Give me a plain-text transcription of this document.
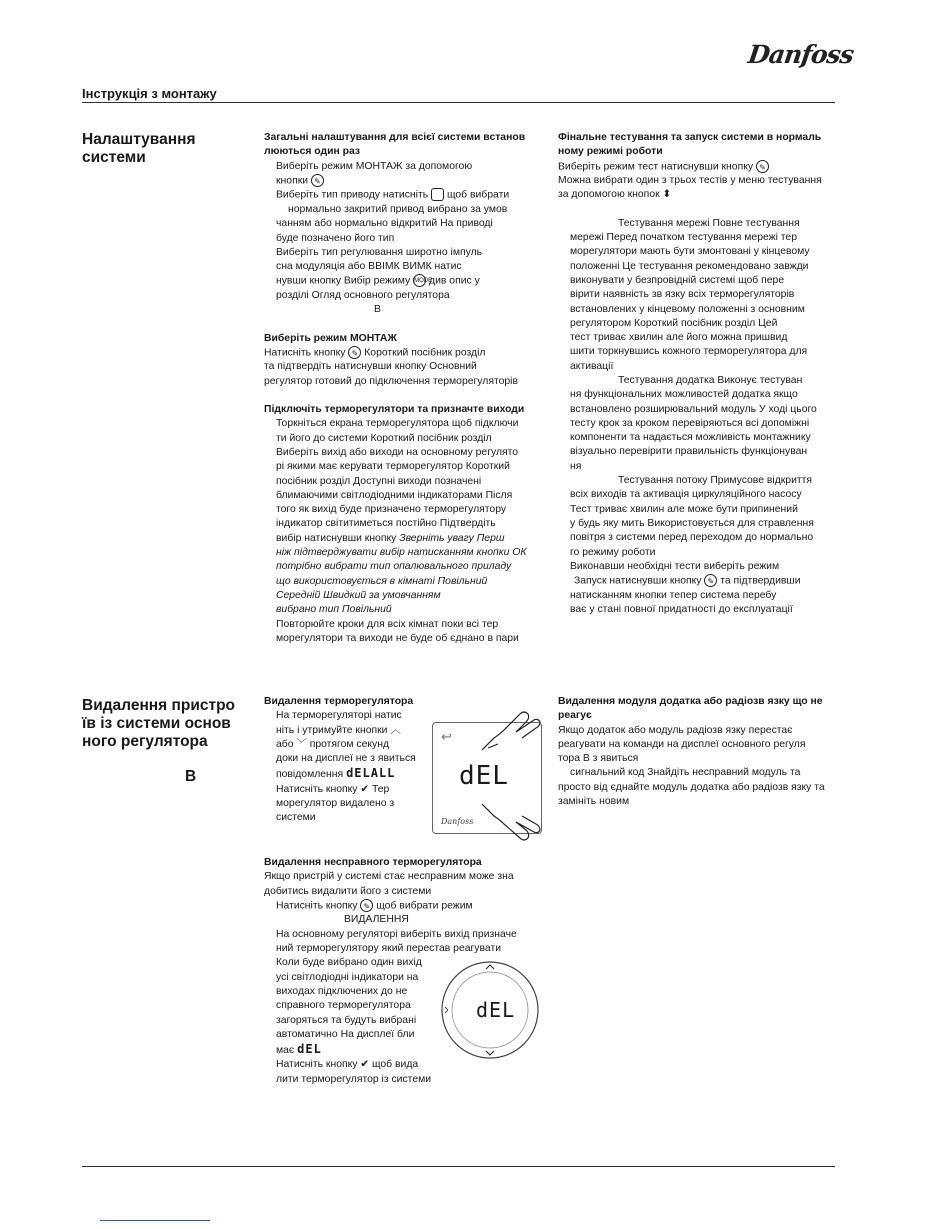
Danfoss
Інструкція з монтажу
Налаштування
системи

Загальні налаштування для всієї системи встанов люються один раз

Виберіть режим МОНТАЖ за допомогою

кнопки ✎

Виберіть тип приводу натисніть щоб вибрати

нормально закритий привод вибрано за умов

чанням або нормально відкритий На приводі

буде позначено його тип

Виберіть тип регулювання широтно імпуль

сна модуляція або ВВІМК ВИМК натис

нувши кнопку Вибір режиму MODE див опис у

розділі Огляд основного регулятора

В

Виберіть режим МОНТАЖ

Натисніть кнопку ✎ Короткий посібник розділ

та підтвердіть натиснувши кнопку Основний

регулятор готовий до підключення терморегуляторів

Підключіть терморегулятори та призначте виходи

Торкніться екрана терморегулятора щоб підключи

ти його до системи Короткий посібник розділ

Виберіть вихід або виходи на основному регулято

рі якими має керувати терморегулятор Короткий

посібник розділ Доступні виходи позначені

блимаючими світлодіодними індикаторами Після

того як вихід буде призначено терморегулятору

індикатор світитиметься постійно Підтвердіть

вибір натиснувши кнопку Зверніть увагу Перш

ніж підтверджувати вибір натисканням кнопки ОК

потрібно вибрати тип опалювального приладу

що використовується в кімнаті Повільний

Середній Швидкий за умовчанням

вибрано тип Повільний

Повторюйте кроки для всіх кімнат поки всі тер

морегулятори та виходи не буде об єднано в пари

Фінальне тестування та запуск системи в нормаль ному режимі роботи

Виберіть режим тест натиснувши кнопку ✎

Можна вибрати один з трьох тестів у меню тестування

за допомогою кнопок ⬍

Тестування мережі Повне тестування

мережі Перед початком тестування мережі тер

морегулятори мають бути змонтовані у кінцевому

положенні Це тестування рекомендовано завжди

виконувати у безпровідній системі щоб пере

вірити наявність зв язку всіх терморегуляторів

встановлених у кінцевому положенні з основним

регулятором Короткий посібник розділ Цей

тест триває хвилин але його можна пришвид

шити торкнувшись кожного терморегулятора для

активації

Тестування додатка Виконує тестуван

ня функціональних можливостей додатка якщо

встановлено розширювальний модуль У ході цього

тесту крок за кроком перевіряються всі допоміжні

компоненти та надається можливість монтажнику

візуально перевірити правильність функціонуван

ня

Тестування потоку Примусове відкриття

всіх виходів та активація циркуляційного насосу

Тест триває хвилин але може бути припинений

у будь яку мить Використовується для стравлення

повітря з системи перед переходом до нормально

го режиму роботи

Виконавши необхідні тести виберіть режим

Запуск натиснувши кнопку ✎ та підтвердивши

натисканням кнопки тепер система перебу

ває у стані повної придатності до експлуатації

Видалення пристро
їв із системи основ
ного регулятора
B

Видалення терморегулятора

На терморегуляторі натис

ніть і утримуйте кнопки ︿

або ﹀ протягом секунд

доки на дисплеї не з явиться

повідомлення dELALL

Натисніть кнопку ✔ Тер

морегулятор видалено з

системи

↩
dEL
Danfoss

Видалення несправного терморегулятора

Якщо пристрій у системі стає несправним може зна

добитись видалити його з системи

Натисніть кнопку ✎ щоб вибрати режим

ВИДАЛЕННЯ

На основному регуляторі виберіть вихід призначе

ний терморегулятору який перестав реагувати

Коли буде вибрано один вихід

усі світлодіодні індикатори на

виходах підключених до не

справного терморегулятора

загоряться та будуть вибрані

автоматично На дисплеї бли

має dEL

Натисніть кнопку ✔ щоб вида

лити терморегулятор із системи

dEL

Видалення модуля додатка або радіозв язку що не реагує

Якщо додаток або модуль радіозв язку перестає

реагувати на команди на дисплеї основного регуля

тора В з явиться

сигнальний код Знайдіть несправний модуль та

просто від єднайте модуль додатка або радіозв язку та

замініть новим
